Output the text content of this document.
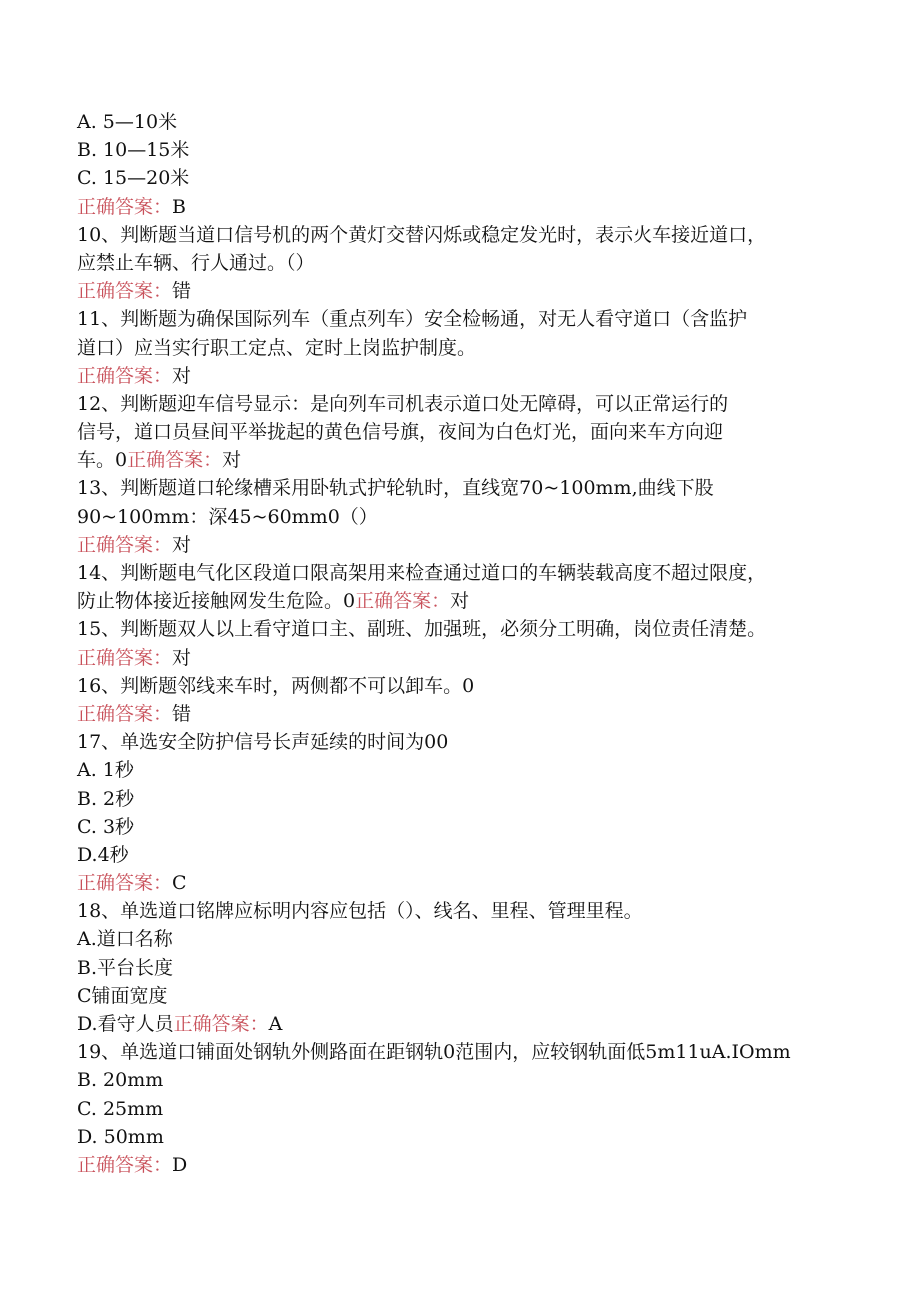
A. 5—10米
B. 10—15米
C. 15—20米
正确答案：B
10、判断题当道口信号机的两个黄灯交替闪烁或稳定发光时，表示火车接近道口，
应禁止车辆、行人通过。（）
正确答案：错
11、判断题为确保国际列车（重点列车）安全检畅通，对无人看守道口（含监护
道口）应当实行职工定点、定时上岗监护制度。
正确答案：对
12、判断题迎车信号显示：是向列车司机表示道口处无障碍，可以正常运行的
信号，道口员昼间平举拢起的黄色信号旗，夜间为白色灯光，面向来车方向迎
车。0正确答案：对
13、判断题道口轮缘槽采用卧轨式护轮轨时，直线宽70~100mm,曲线下股
90~100mm：深45~60mm0（）
正确答案：对
14、判断题电气化区段道口限高架用来检查通过道口的车辆装载高度不超过限度，
防止物体接近接触网发生危险。0正确答案：对
15、判断题双人以上看守道口主、副班、加强班，必须分工明确，岗位责任清楚。
正确答案：对
16、判断题邻线来车时，两侧都不可以卸车。0
正确答案：错
17、单选安全防护信号长声延续的时间为00
A. 1秒
B. 2秒
C. 3秒
D.4秒
正确答案：C
18、单选道口铭牌应标明内容应包括（）、线名、里程、管理里程。
A.道口名称
B.平台长度
C铺面宽度
D.看守人员正确答案：A
19、单选道口铺面处钢轨外侧路面在距钢轨0范围内，应较钢轨面低5m11uA.IOmm
B. 20mm
C. 25mm
D. 50mm
正确答案：D
